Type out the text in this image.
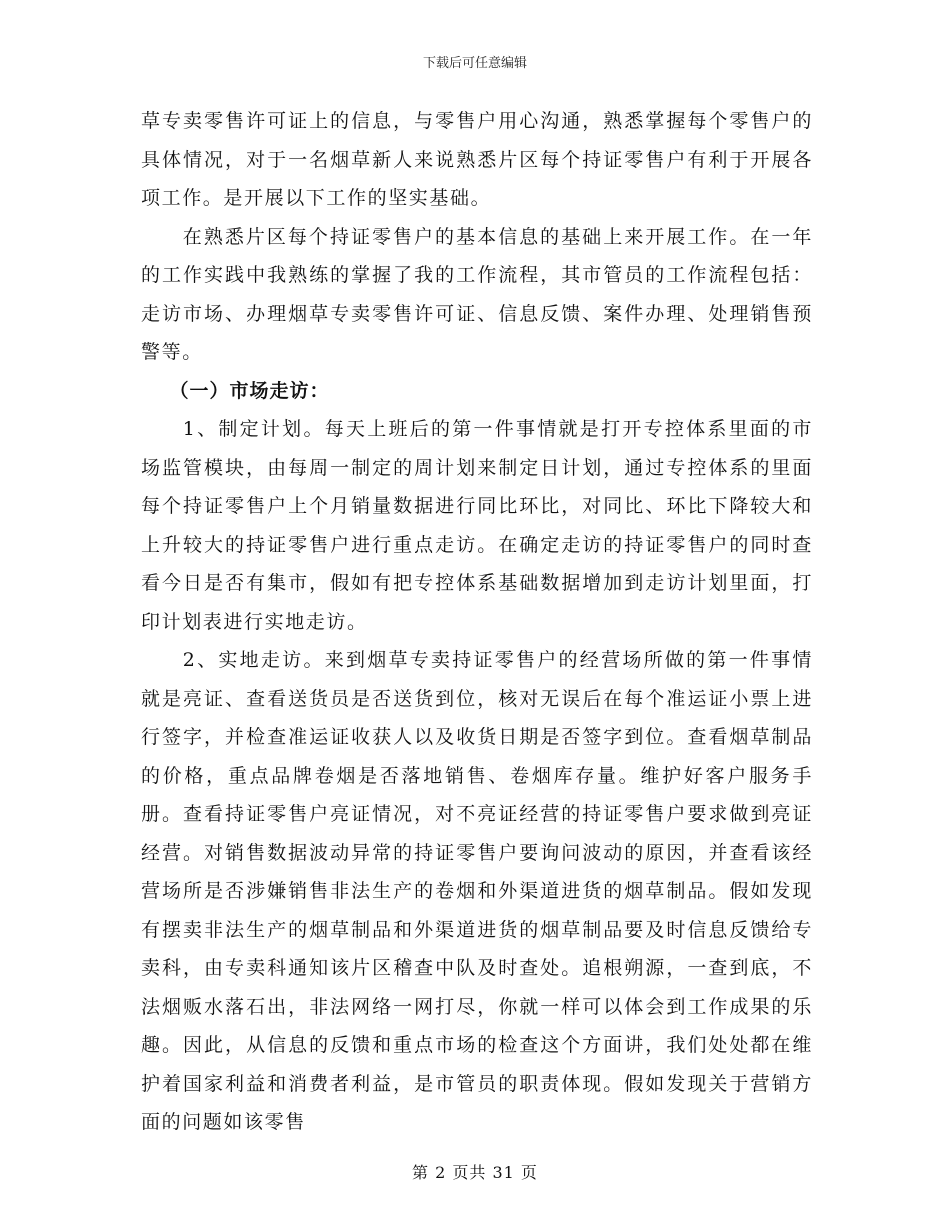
下载后可任意编辑

草专卖零售许可证上的信息，与零售户用心沟通，熟悉掌握每个零售户的具体情况，对于一名烟草新人来说熟悉片区每个持证零售户有利于开展各项工作。是开展以下工作的坚实基础。

在熟悉片区每个持证零售户的基本信息的基础上来开展工作。在一年的工作实践中我熟练的掌握了我的工作流程，其市管员的工作流程包括：走访市场、办理烟草专卖零售许可证、信息反馈、案件办理、处理销售预警等。

（一）市场走访：

1、制定计划。每天上班后的第一件事情就是打开专控体系里面的市场监管模块，由每周一制定的周计划来制定日计划，通过专控体系的里面每个持证零售户上个月销量数据进行同比环比，对同比、环比下降较大和上升较大的持证零售户进行重点走访。在确定走访的持证零售户的同时查看今日是否有集市，假如有把专控体系基础数据增加到走访计划里面，打印计划表进行实地走访。

2、实地走访。来到烟草专卖持证零售户的经营场所做的第一件事情就是亮证、查看送货员是否送货到位，核对无误后在每个准运证小票上进行签字，并检查准运证收获人以及收货日期是否签字到位。查看烟草制品的价格，重点品牌卷烟是否落地销售、卷烟库存量。维护好客户服务手册。查看持证零售户亮证情况，对不亮证经营的持证零售户要求做到亮证经营。对销售数据波动异常的持证零售户要询问波动的原因，并查看该经营场所是否涉嫌销售非法生产的卷烟和外渠道进货的烟草制品。假如发现有摆卖非法生产的烟草制品和外渠道进货的烟草制品要及时信息反馈给专卖科，由专卖科通知该片区稽查中队及时查处。追根朔源，一查到底，不法烟贩水落石出，非法网络一网打尽，你就一样可以体会到工作成果的乐趣。因此，从信息的反馈和重点市场的检查这个方面讲，我们处处都在维护着国家利益和消费者利益，是市管员的职责体现。假如发现关于营销方面的问题如该零售

第 2 页共 31 页
